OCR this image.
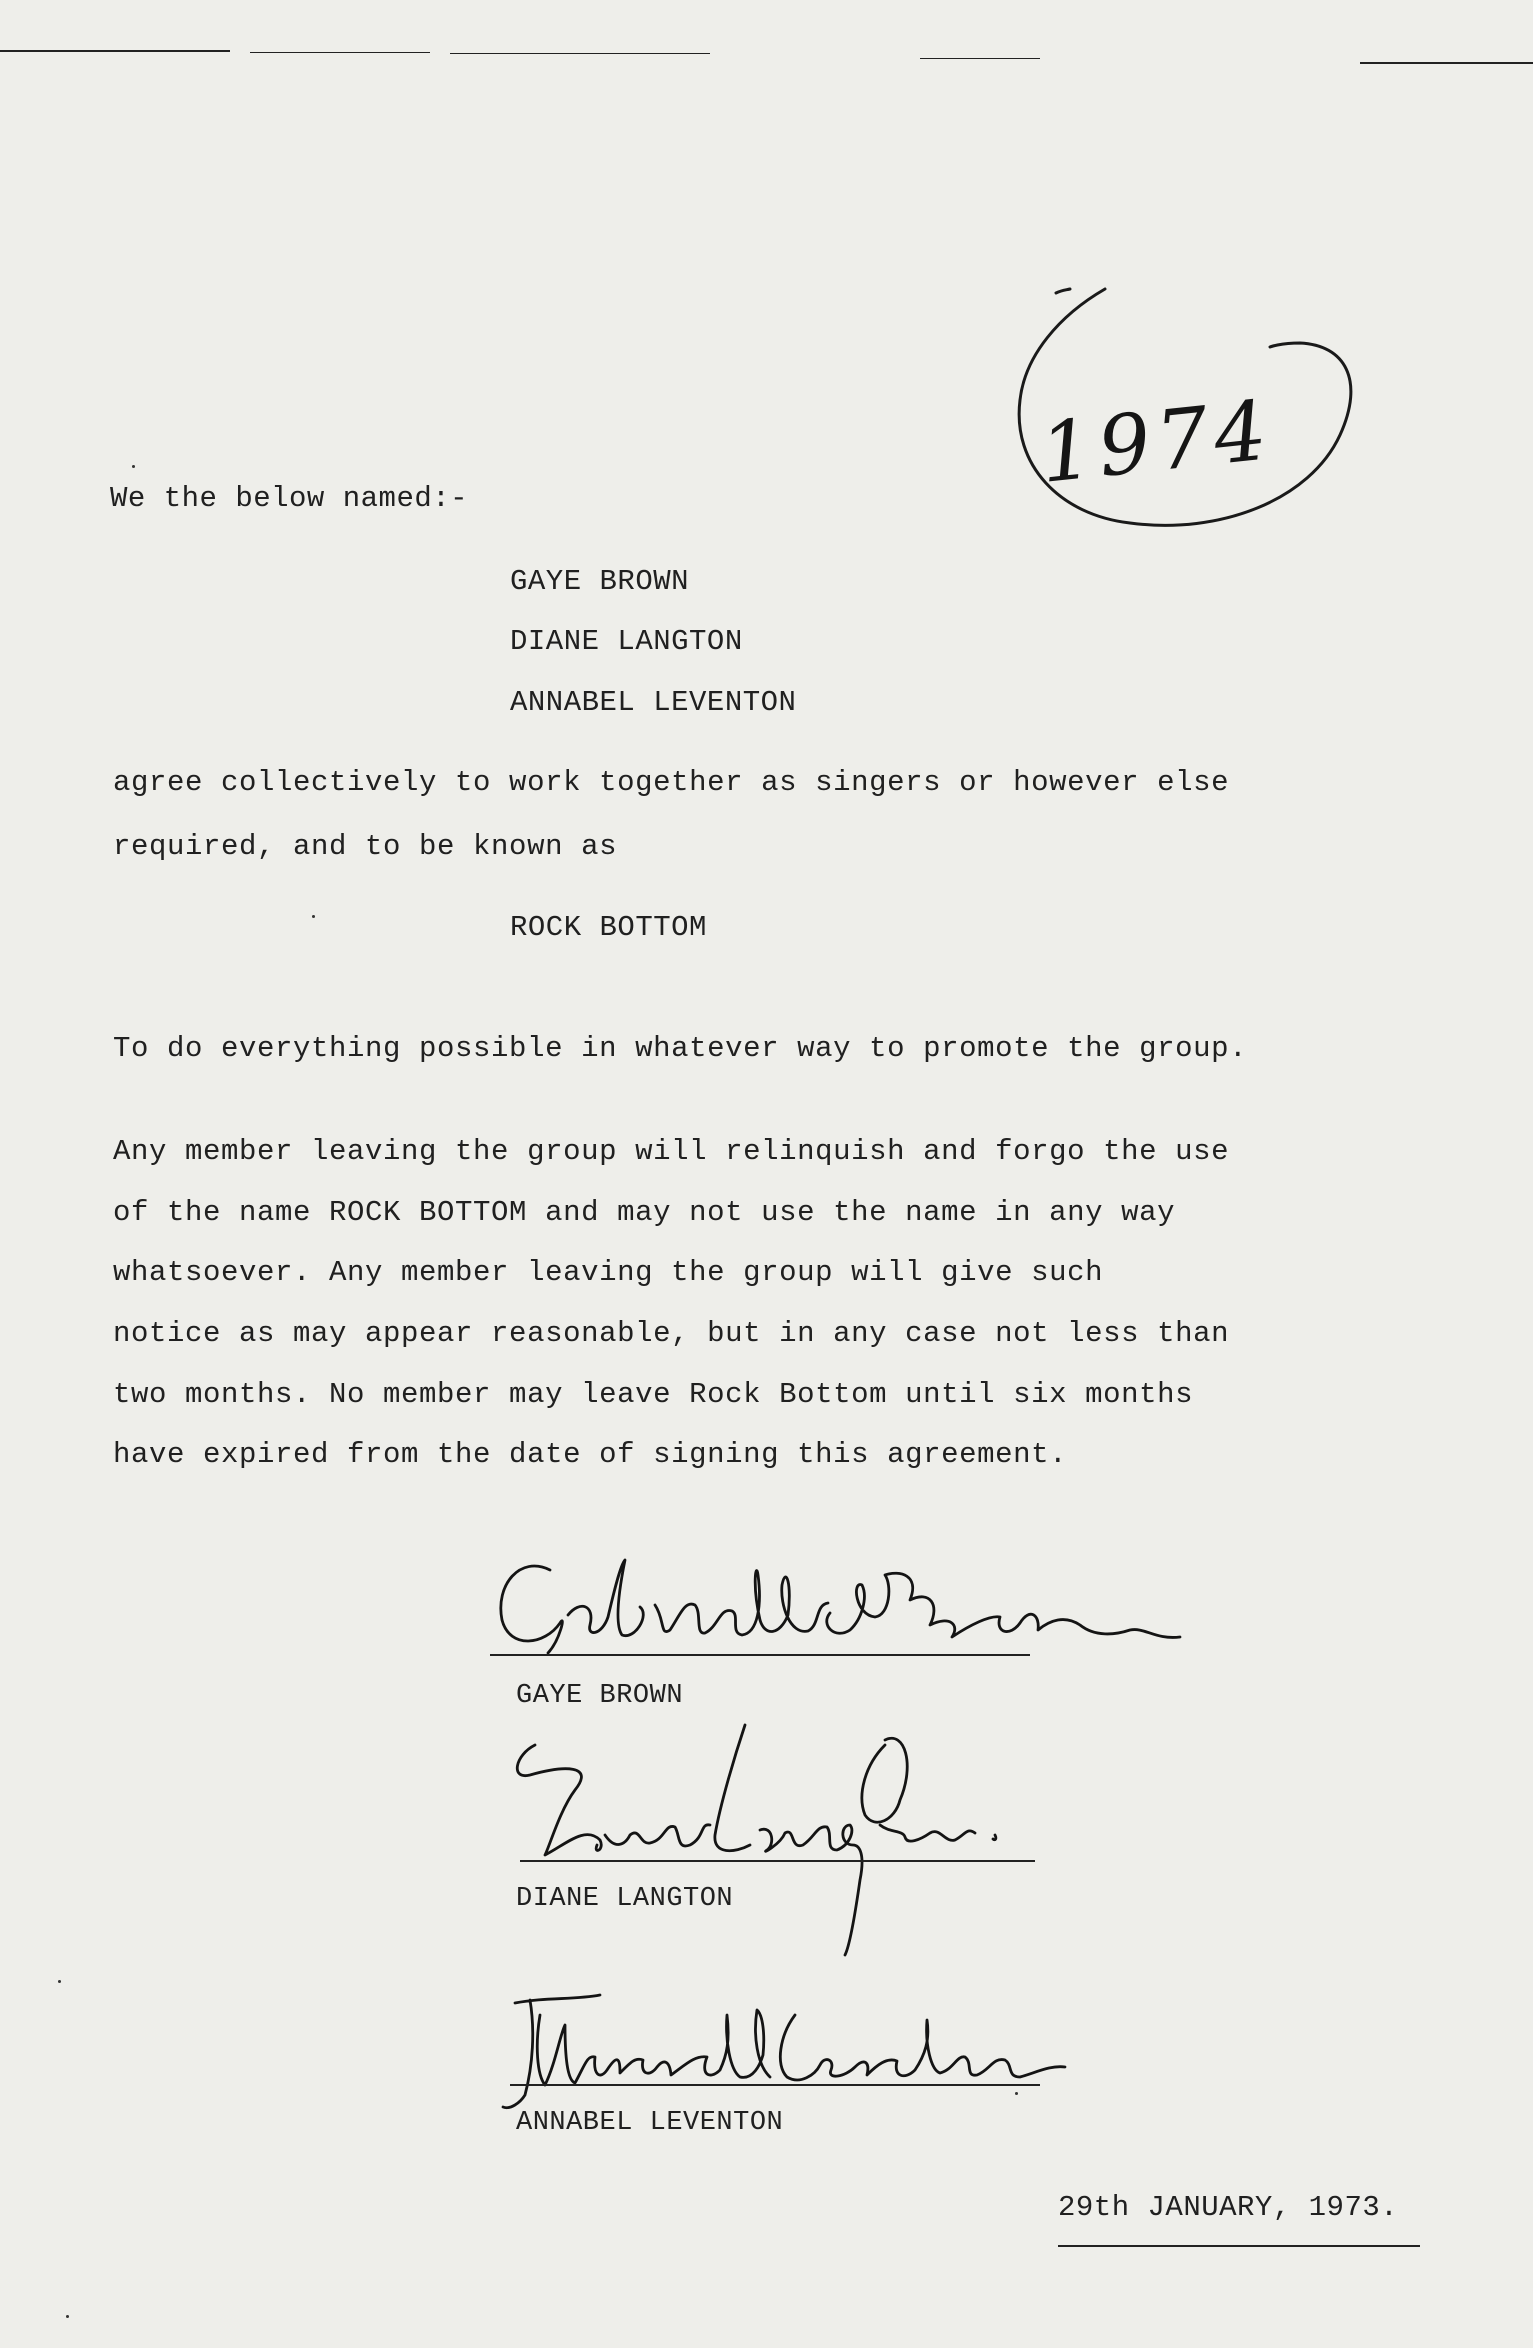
1974
We the below named:-
GAYE BROWN
DIANE LANGTON
ANNABEL LEVENTON
agree collectively to work together as singers or however else
required, and to be known as
ROCK BOTTOM
To do everything possible in whatever way to promote the group.
Any member leaving the group will relinquish and forgo the use
of the name ROCK BOTTOM and may not use the name in any way
whatsoever. Any member leaving the group will give such
notice as may appear reasonable, but in any case not less than
two months. No member may leave Rock Bottom until six months
have expired from the date of signing this agreement.
GAYE BROWN
DIANE LANGTON
ANNABEL LEVENTON
29th JANUARY, 1973.
